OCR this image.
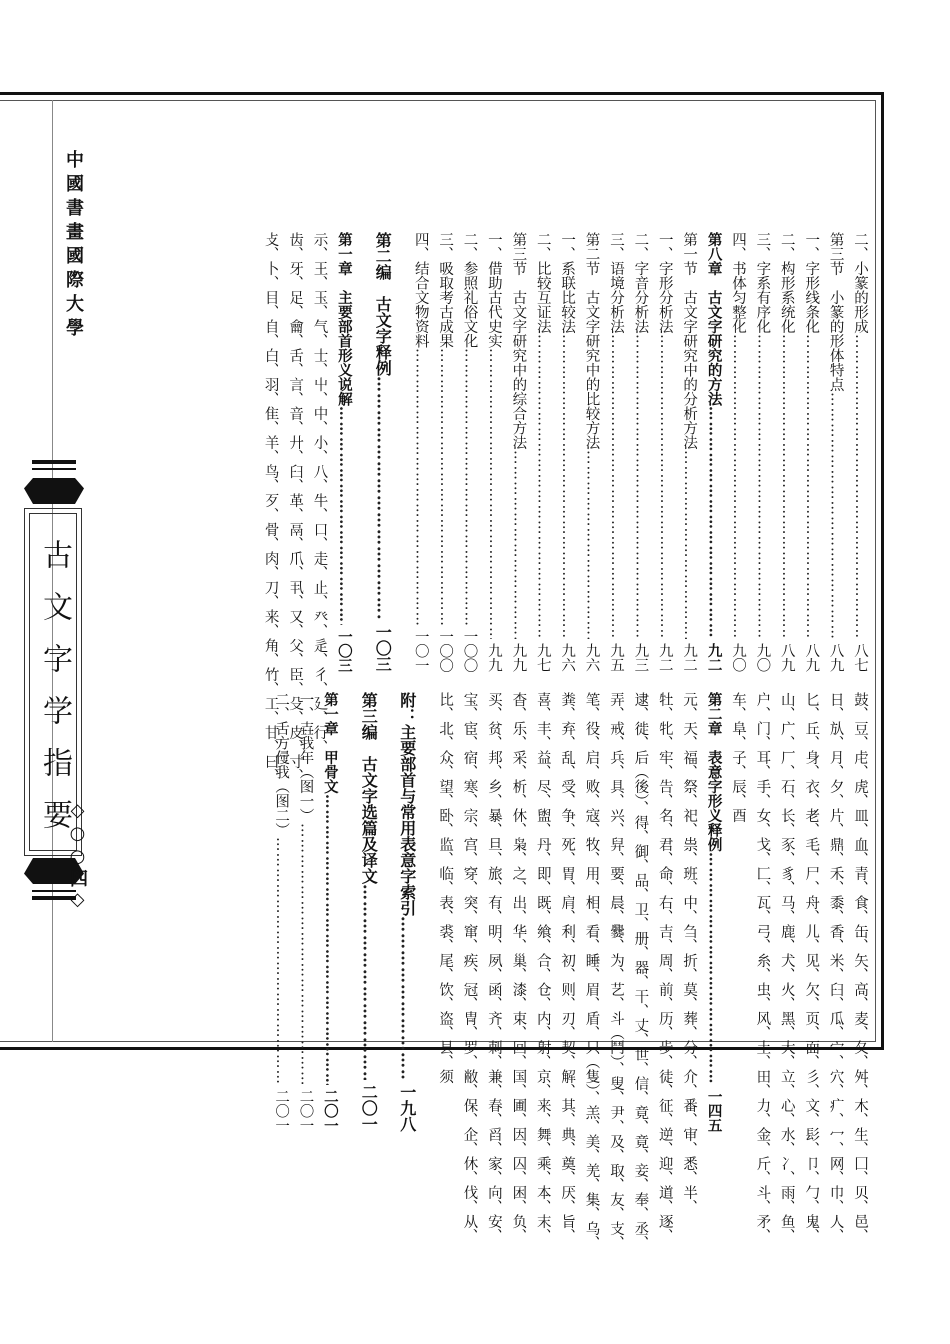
中國書畫國際大學
古文字学指要
◇○○四◇
二、小篆的形成
…………………………………………………………………………………………………………………
八七
第三节　小篆的形体特点
…………………………………………………………………………………………………………………
八九
一、字形线条化
…………………………………………………………………………………………………………………
八九
二、构形系统化
…………………………………………………………………………………………………………………
八九
三、字系有序化
…………………………………………………………………………………………………………………
九〇
四、书体匀整化
…………………………………………………………………………………………………………………
九〇
第八章　古文字研究的方法
…………………………………………………………………………………………………………………
九二
第一节　古文字研究中的分析方法
…………………………………………………………………………………………………………………
九二
一、字形分析法
…………………………………………………………………………………………………………………
九二
二、字音分析法
…………………………………………………………………………………………………………………
九三
三、语境分析法
…………………………………………………………………………………………………………………
九五
第二节　古文字研究中的比较方法
…………………………………………………………………………………………………………………
九六
一、系联比较法
…………………………………………………………………………………………………………………
九六
二、比较互证法
…………………………………………………………………………………………………………………
九七
第三节　古文字研究中的综合方法
…………………………………………………………………………………………………………………
九九
一、借助古代史实
…………………………………………………………………………………………………………………
九九
二、参照礼俗文化
…………………………………………………………………………………………………………………
一〇〇
三、吸取考古成果
…………………………………………………………………………………………………………………
一〇〇
四、结合文物资料
…………………………………………………………………………………………………………………
一〇一
第二编　古文字释例
…………………………………………………………………………………………………………………
一〇三
第一章　主要部首形义说解
…………………………………………………………………………………………………………………
一〇三
示、王、玉、气、士、屮、中、小、八、牛、口、走、止、癶、辵、彳、廴、行、
齿、牙、足、龠、舌、言、音、廾、臼、革、鬲、爪、丮、又、父、臣、殳、皮、寸、
攴、卜、目、自、白、羽、隹、羊、鸟、歹、骨、肉、刀、来、角、竹、工、甘、曰、
鼓、豆、虍、虎、皿、血、青、食、缶、矢、高、麦、夂、舛、木、生、囗、贝、邑、
日、㫃、月、夕、片、鼎、禾、黍、香、米、臼、瓜、宀、穴、疒、冖、网、巾、人、
匕、丘、身、衣、老、毛、尸、舟、儿、见、欠、页、面、彡、文、髟、卩、勹、鬼、
山、广、厂、石、长、豕、豸、马、鹿、犬、火、黑、大、立、心、水、冫、雨、鱼、
户、门、耳、手、女、戈、匚、瓦、弓、糸、虫、风、土、田、力、金、斤、斗、矛、
车、阜、子、辰、酉
第二章　表意字形义释例
…………………………………………………………………………………………………………………
一四五
元、天、福、祭、祀、祟、班、中、刍、折、莫、葬、分、介、番、审、悉、半、
牡、牝、牢、告、名、君、命、右、吉、周、前、历、步、徒、征、逆、迎、道、逐、
逮、徙、后（後）、得、御、品、卫、册、器、干、丈、世、信、竟、竟、妾、奉、丞、
弄、戒、兵、具、兴、舁、要、晨、爨、为、艺、斗（鬥）、叟、尹、及、取、友、支、
笔、役、启、败、寇、牧、用、相、看、睡、眉、盾、只（隻）、羔、美、羌、集、乌、
粪、弃、乱、受、争、死、胃、肩、利、初、则、刃、契、解、其、典、奠、厌、旨、
喜、丰、益、尽、盥、丹、即、既、飨、合、仓、内、射、京、来、舞、乘、本、末、
杳、乐、采、析、休、枭、之、出、华、巢、漆、束、回、国、圃、因、囚、困、负、
买、贫、邦、乡、暴、旦、旅、有、明、夙、函、齐、刺、兼、春、舀、家、向、安、
宝、宦、宿、寒、宗、宫、穿、突、窜、疾、冠、冑、罗、敝、保、企、休、伐、从、
比、北、众、望、卧、监、临、表、裘、尾、饮、盗、县、须
附：主要部首与常用表意字索引
…………………………………………………………………………………………………………………
一九八
第三编　古文字选篇及译文
…………………………………………………………………………………………………………………
二〇一
第一章　甲骨文
…………………………………………………………………………………………………………………
二〇一
一、壵我年（图一）
…………………………………………………………………………………………………………………
二〇一
二、舌方㑴我（图二）
…………………………………………………………………………………………………………………
二〇一
